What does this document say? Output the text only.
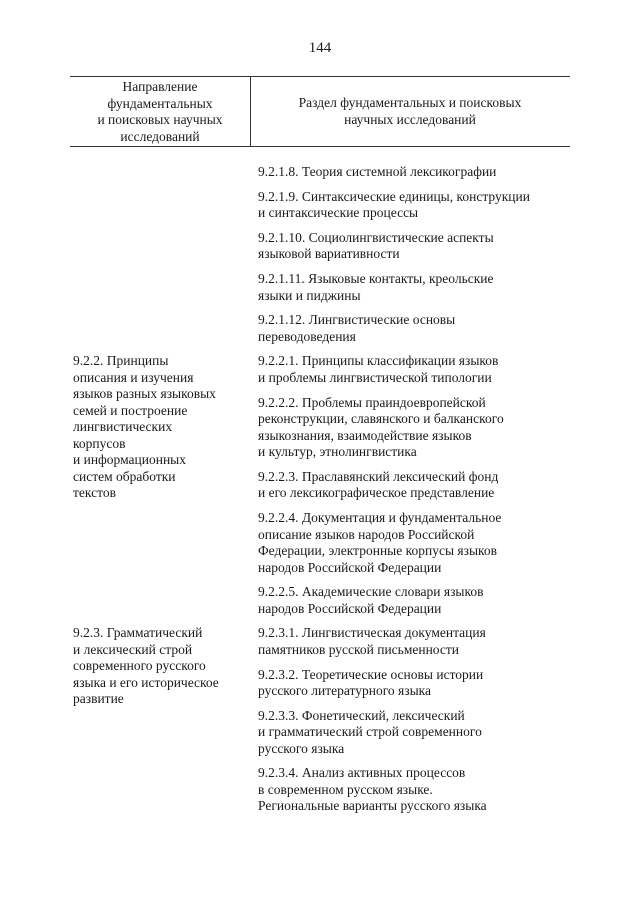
144
Направление
фундаментальных
и поисковых научных
исследований
Раздел фундаментальных и поисковых
научных исследований
9.2.1.8. Теория системной лексикографии
9.2.1.9. Синтаксические единицы, конструкции
и синтаксические процессы
9.2.1.10. Социолингвистические аспекты
языковой вариативности
9.2.1.11. Языковые контакты, креольские
языки и пиджины
9.2.1.12. Лингвистические основы
переводоведения
9.2.2. Принципы
описания и изучения
языков разных языковых
семей и построение
лингвистических
корпусов
и информационных
систем обработки
текстов
9.2.2.1. Принципы классификации языков
и проблемы лингвистической типологии
9.2.2.2. Проблемы праиндоевропейской
реконструкции, славянского и балканского
языкознания, взаимодействие языков
и культур, этнолингвистика
9.2.2.3. Праславянский лексический фонд
и его лексикографическое представление
9.2.2.4. Документация и фундаментальное
описание языков народов Российской
Федерации, электронные корпусы языков
народов Российской Федерации
9.2.2.5. Академические словари языков
народов Российской Федерации
9.2.3. Грамматический
и лексический строй
современного русского
языка и его историческое
развитие
9.2.3.1. Лингвистическая документация
памятников русской письменности
9.2.3.2. Теоретические основы истории
русского литературного языка
9.2.3.3. Фонетический, лексический
и грамматический строй современного
русского языка
9.2.3.4. Анализ активных процессов
в современном русском языке.
Региональные варианты русского языка
